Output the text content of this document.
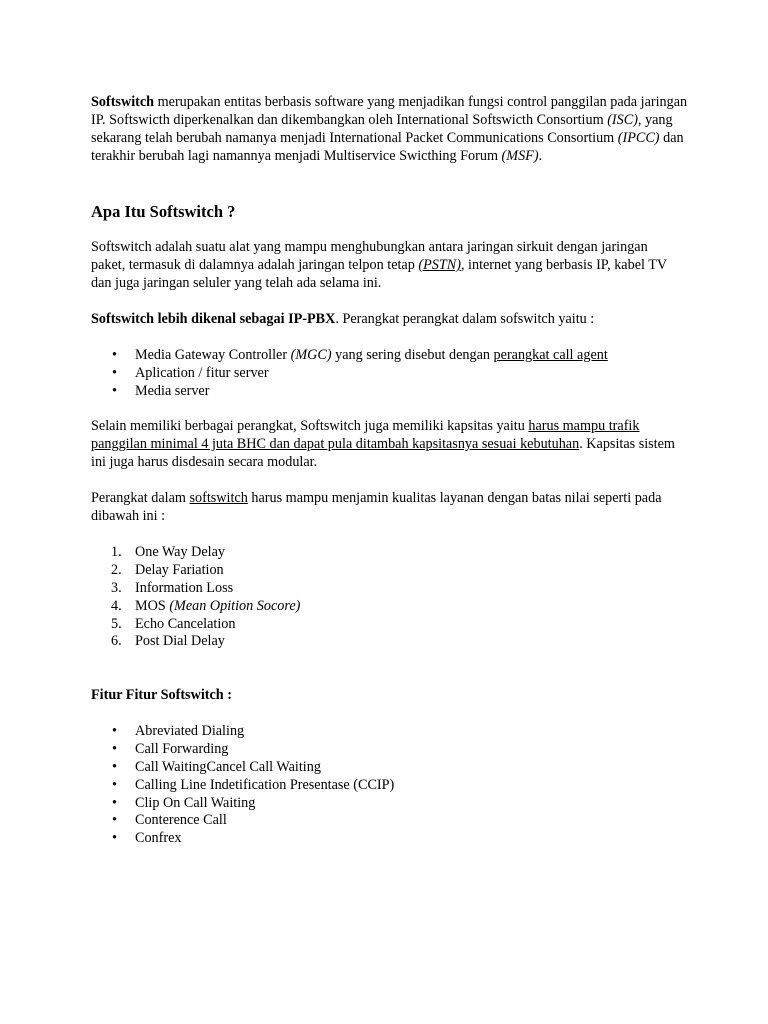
Softswitch merupakan entitas berbasis software yang menjadikan fungsi control panggilan pada jaringan IP. Softswicth diperkenalkan dan dikembangkan oleh International Softswicth Consortium (ISC), yang sekarang telah berubah namanya menjadi International Packet Communications Consortium (IPCC) dan terakhir berubah lagi namannya menjadi Multiservice Swicthing Forum (MSF).

Apa Itu Softswitch ?

Softswitch adalah suatu alat yang mampu menghubungkan antara jaringan sirkuit dengan jaringan paket, termasuk di dalamnya adalah jaringan telpon tetap (PSTN), internet yang berbasis IP, kabel TV dan juga jaringan seluler yang telah ada selama ini.

Softswitch lebih dikenal sebagai IP-PBX. Perangkat perangkat dalam sofswitch yaitu :

• Media Gateway Controller (MGC) yang sering disebut dengan perangkat call agent
• Aplication / fitur server
• Media server

Selain memiliki berbagai perangkat, Softswitch juga memiliki kapsitas yaitu harus mampu trafik panggilan minimal 4 juta BHC dan dapat pula ditambah kapsitasnya sesuai kebutuhan. Kapsitas sistem ini juga harus disdesain secara modular.

Perangkat dalam softswitch harus mampu menjamin kualitas layanan dengan batas nilai seperti pada dibawah ini :

1. One Way Delay
2. Delay Fariation
3. Information Loss
4. MOS (Mean Opition Socore)
5. Echo Cancelation
6. Post Dial Delay
Fitur Fitur Softswitch :
• Abreviated Dialing
• Call Forwarding
• Call WaitingCancel Call Waiting
• Calling Line Indetification Presentase (CCIP)
• Clip On Call Waiting
• Conterence Call
• Confrex
